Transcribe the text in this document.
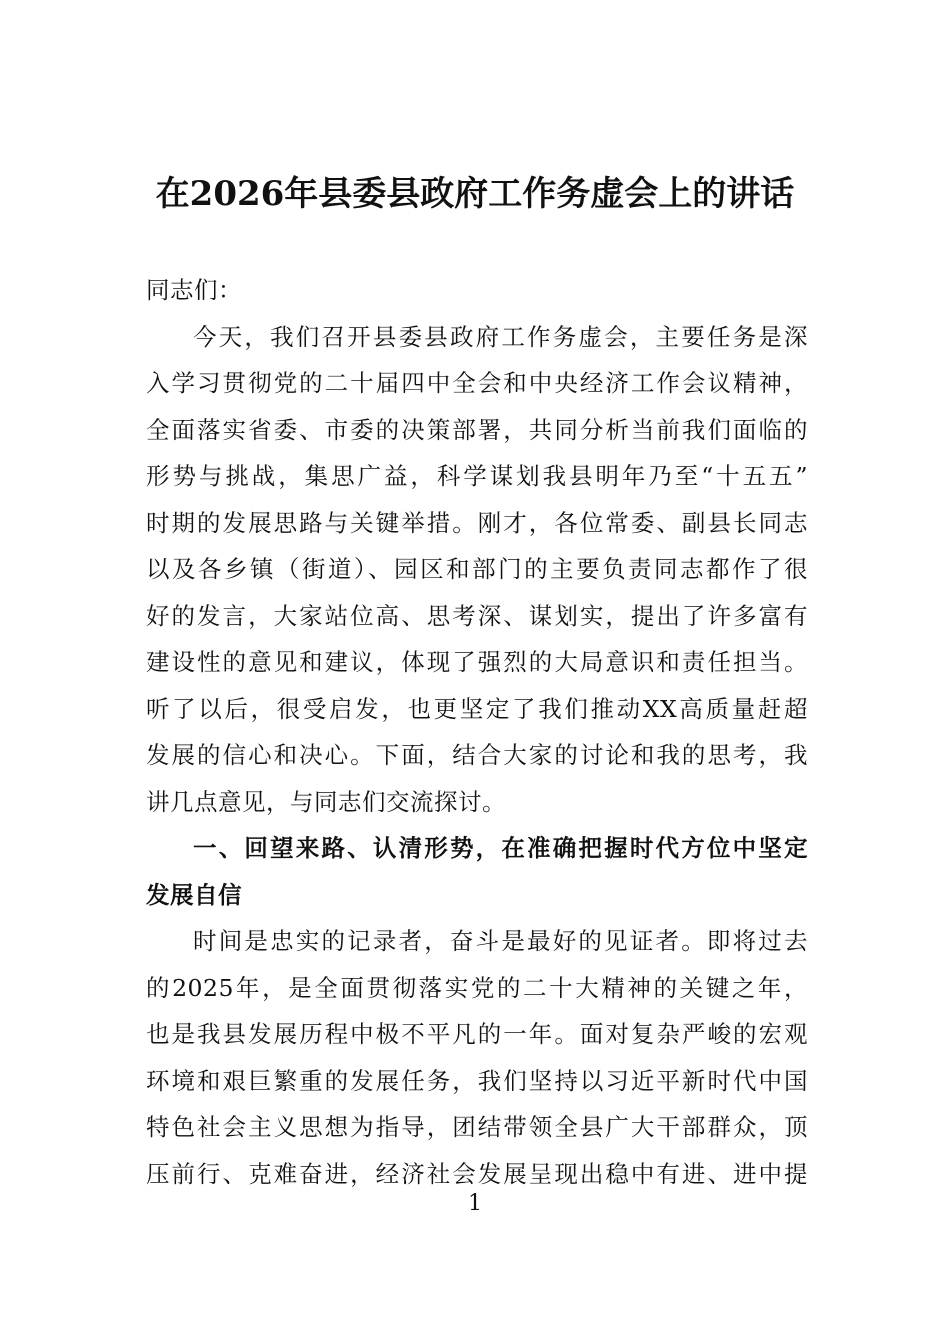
在2026年县委县政府工作务虚会上的讲话
同志们：
今天，我们召开县委县政府工作务虚会，主要任务是深
入学习贯彻党的二十届四中全会和中央经济工作会议精神，
全面落实省委、市委的决策部署，共同分析当前我们面临的
形势与挑战，集思广益，科学谋划我县明年乃至“十五五”
时期的发展思路与关键举措。刚才，各位常委、副县长同志
以及各乡镇（街道）、园区和部门的主要负责同志都作了很
好的发言，大家站位高、思考深、谋划实，提出了许多富有
建设性的意见和建议，体现了强烈的大局意识和责任担当。
听了以后，很受启发，也更坚定了我们推动XX高质量赶超
发展的信心和决心。下面，结合大家的讨论和我的思考，我
讲几点意见，与同志们交流探讨。
一、回望来路、认清形势，在准确把握时代方位中坚定
发展自信
时间是忠实的记录者，奋斗是最好的见证者。即将过去
的2025年，是全面贯彻落实党的二十大精神的关键之年，
也是我县发展历程中极不平凡的一年。面对复杂严峻的宏观
环境和艰巨繁重的发展任务，我们坚持以习近平新时代中国
特色社会主义思想为指导，团结带领全县广大干部群众，顶
压前行、克难奋进，经济社会发展呈现出稳中有进、进中提
1
